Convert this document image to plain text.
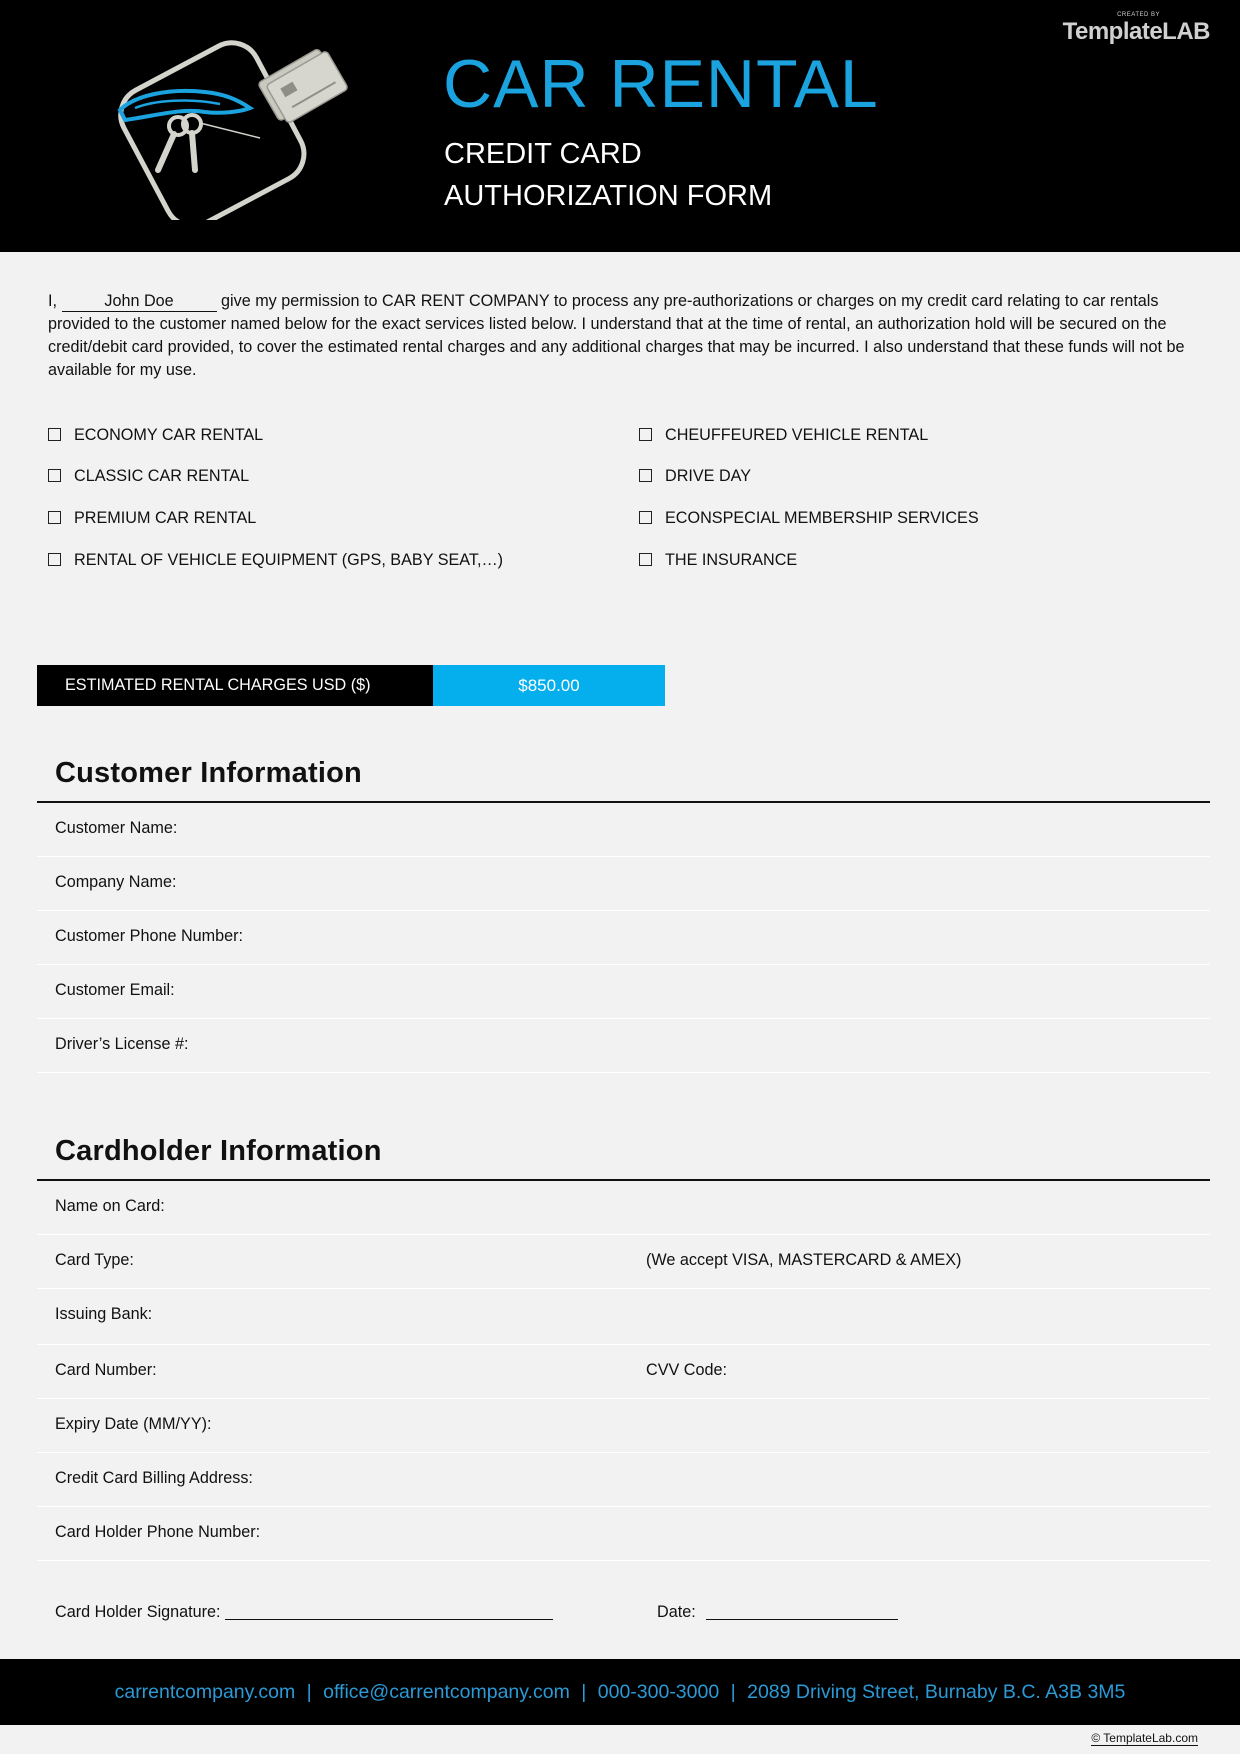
CREATED BY
TemplateLAB
CAR RENTAL
CREDIT CARD
AUTHORIZATION FORM
I,	John Doe	give my permission to CAR RENT COMPANY to process any pre-authorizations or charges on my credit card relating to car rentals provided to the customer named below for the exact services listed below. I understand that at the time of rental, an authorization hold will be secured on the credit/debit card provided, to cover the estimated rental charges and any additional charges that may be incurred. I also understand that these funds will not be available for my use.
ECONOMY CAR RENTAL
CLASSIC CAR RENTAL
PREMIUM CAR RENTAL
RENTAL OF VEHICLE EQUIPMENT (GPS, BABY SEAT,…)
CHEUFFEURED VEHICLE RENTAL
DRIVE DAY
ECONSPECIAL MEMBERSHIP SERVICES
THE INSURANCE
ESTIMATED RENTAL CHARGES USD ($)	$850.00
Customer Information
Customer Name:
Company Name:
Customer Phone Number:
Customer Email:
Driver’s License #:
Cardholder Information
Name on Card:
Card Type:	(We accept VISA, MASTERCARD & AMEX)
Issuing Bank:
Card Number:	CVV Code:
Expiry Date (MM/YY):
Credit Card Billing Address:
Card Holder Phone Number:
Card Holder Signature:	Date:
carrentcompany.com | office@carrentcompany.com | 000-300-3000 | 2089 Driving Street, Burnaby B.C. A3B 3M5
© TemplateLab.com
